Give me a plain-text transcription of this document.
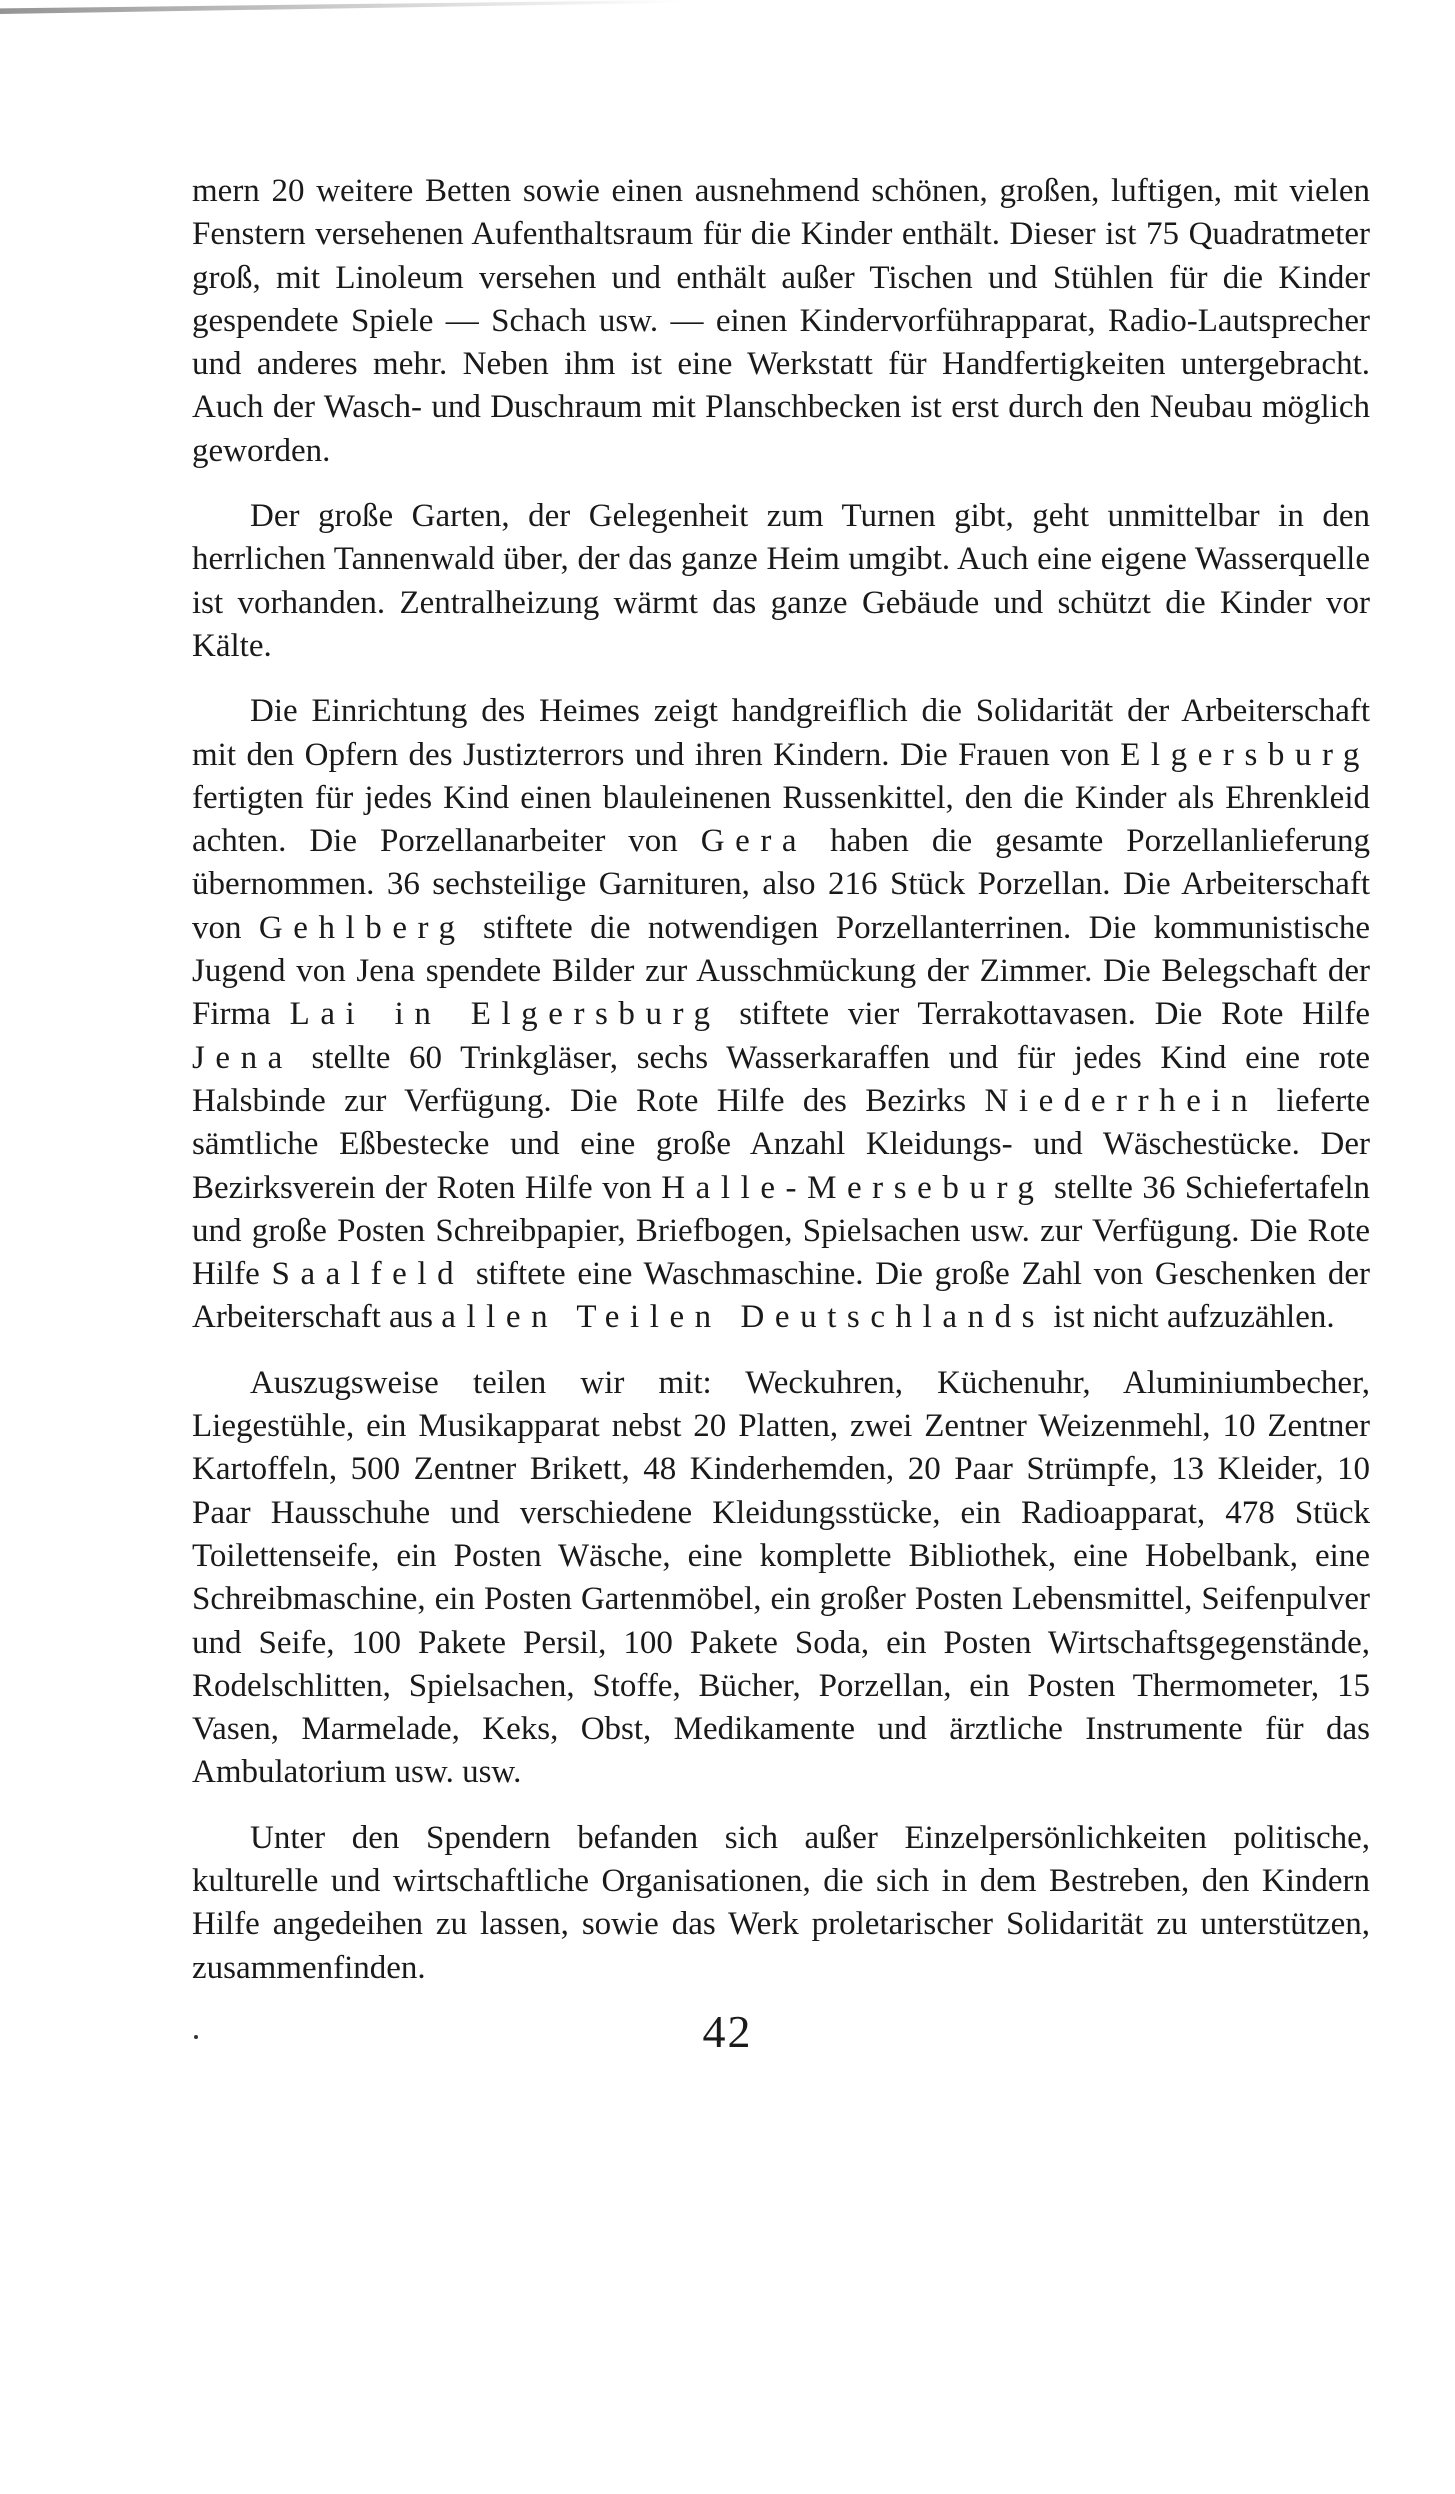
mern 20 weitere Betten sowie einen ausnehmend schönen, großen, luftigen, mit vielen Fenstern versehenen Aufenthaltsraum für die Kinder enthält. Dieser ist 75 Quadratmeter groß, mit Linoleum versehen und enthält außer Tischen und Stühlen für die Kinder gespendete Spiele — Schach usw. — einen Kindervorführapparat, Radio-Lautsprecher und anderes mehr. Neben ihm ist eine Werkstatt für Handfertigkeiten untergebracht. Auch der Wasch- und Duschraum mit Planschbecken ist erst durch den Neubau möglich geworden.

Der große Garten, der Gelegenheit zum Turnen gibt, geht unmittelbar in den herrlichen Tannenwald über, der das ganze Heim umgibt. Auch eine eigene Wasserquelle ist vorhanden. Zentralheizung wärmt das ganze Gebäude und schützt die Kinder vor Kälte.

Die Einrichtung des Heimes zeigt handgreiflich die Solidarität der Arbeiterschaft mit den Opfern des Justizterrors und ihren Kindern. Die Frauen von Elgersburg fertigten für jedes Kind einen blauleinenen Russenkittel, den die Kinder als Ehrenkleid achten. Die Porzellanarbeiter von Gera haben die gesamte Porzellanlieferung übernommen. 36 sechsteilige Garnituren, also 216 Stück Porzellan. Die Arbeiterschaft von Gehlberg stiftete die notwendigen Porzellanterrinen. Die kommunistische Jugend von Jena spendete Bilder zur Ausschmückung der Zimmer. Die Belegschaft der Firma Lai in Elgersburg stiftete vier Terrakottavasen. Die Rote Hilfe Jena stellte 60 Trinkgläser, sechs Wasserkaraffen und für jedes Kind eine rote Halsbinde zur Verfügung. Die Rote Hilfe des Bezirks Niederrhein lieferte sämtliche Eßbestecke und eine große Anzahl Kleidungs- und Wäschestücke. Der Bezirksverein der Roten Hilfe von Halle-Merseburg stellte 36 Schiefertafeln und große Posten Schreibpapier, Briefbogen, Spielsachen usw. zur Verfügung. Die Rote Hilfe Saalfeld stiftete eine Waschmaschine. Die große Zahl von Geschenken der Arbeiterschaft aus allen Teilen Deutschlands ist nicht aufzuzählen.

Auszugsweise teilen wir mit: Weckuhren, Küchenuhr, Aluminiumbecher, Liegestühle, ein Musikapparat nebst 20 Platten, zwei Zentner Weizenmehl, 10 Zentner Kartoffeln, 500 Zentner Brikett, 48 Kinderhemden, 20 Paar Strümpfe, 13 Kleider, 10 Paar Hausschuhe und verschiedene Kleidungsstücke, ein Radioapparat, 478 Stück Toilettenseife, ein Posten Wäsche, eine komplette Bibliothek, eine Hobelbank, eine Schreibmaschine, ein Posten Gartenmöbel, ein großer Posten Lebensmittel, Seifenpulver und Seife, 100 Pakete Persil, 100 Pakete Soda, ein Posten Wirtschaftsgegenstände, Rodelschlitten, Spielsachen, Stoffe, Bücher, Porzellan, ein Posten Thermometer, 15 Vasen, Marmelade, Keks, Obst, Medikamente und ärztliche Instrumente für das Ambulatorium usw. usw.

Unter den Spendern befanden sich außer Einzelpersönlichkeiten politische, kulturelle und wirtschaftliche Organisationen, die sich in dem Bestreben, den Kindern Hilfe angedeihen zu lassen, sowie das Werk proletarischer Solidarität zu unterstützen, zusammenfinden.

42
